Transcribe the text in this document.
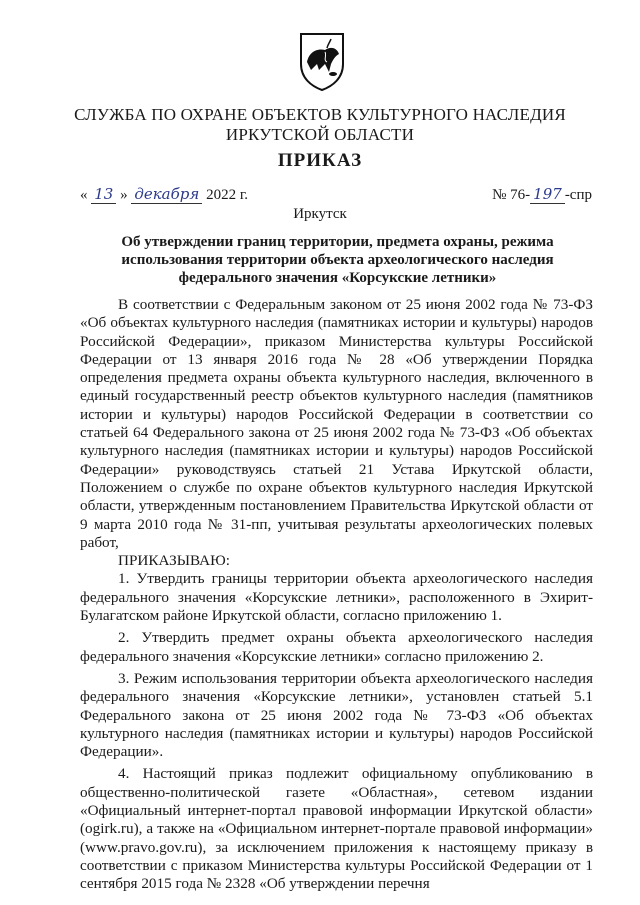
СЛУЖБА ПО ОХРАНЕ ОБЪЕКТОВ КУЛЬТУРНОГО НАСЛЕДИЯ
ИРКУТСКОЙ ОБЛАСТИ
ПРИКАЗ
« 13 » декабря 2022 г.	№ 76- 197 -спр
Иркутск
Об утверждении границ территории, предмета охраны, режима использования территории объекта археологического наследия федерального значения «Корсукские летники»

В соответствии с Федеральным законом от 25 июня 2002 года № 73-ФЗ «Об объектах культурного наследия (памятниках истории и культуры) народов Российской Федерации», приказом Министерства культуры Российской Федерации от 13 января 2016 года № 28 «Об утверждении Порядка определения предмета охраны объекта культурного наследия, включенного в единый государственный реестр объектов культурного наследия (памятников истории и культуры) народов Российской Федерации в соответствии со статьей 64 Федерального закона от 25 июня 2002 года № 73-ФЗ «Об объектах культурного наследия (памятниках истории и культуры) народов Российской Федерации» руководствуясь статьей 21 Устава Иркутской области, Положением о службе по охране объектов культурного наследия Иркутской области, утвержденным постановлением Правительства Иркутской области от 9 марта 2010 года № 31-пп, учитывая результаты археологических полевых работ,

ПРИКАЗЫВАЮ:

1. Утвердить границы территории объекта археологического наследия федерального значения «Корсукские летники», расположенного в Эхирит-Булагатском районе Иркутской области, согласно приложению 1.

2. Утвердить предмет охраны объекта археологического наследия федерального значения «Корсукские летники» согласно приложению 2.

3. Режим использования территории объекта археологического наследия федерального значения «Корсукские летники», установлен статьей 5.1 Федерального закона от 25 июня 2002 года № 73-ФЗ «Об объектах культурного наследия (памятниках истории и культуры) народов Российской Федерации».

4. Настоящий приказ подлежит официальному опубликованию в общественно-политической газете «Областная», сетевом издании «Официальный интернет-портал правовой информации Иркутской области» (ogirk.ru), а также на «Официальном интернет-портале правовой информации» (www.pravo.gov.ru), за исключением приложения к настоящему приказу в соответствии с приказом Министерства культуры Российской Федерации от 1 сентября 2015 года № 2328 «Об утверждении перечня
